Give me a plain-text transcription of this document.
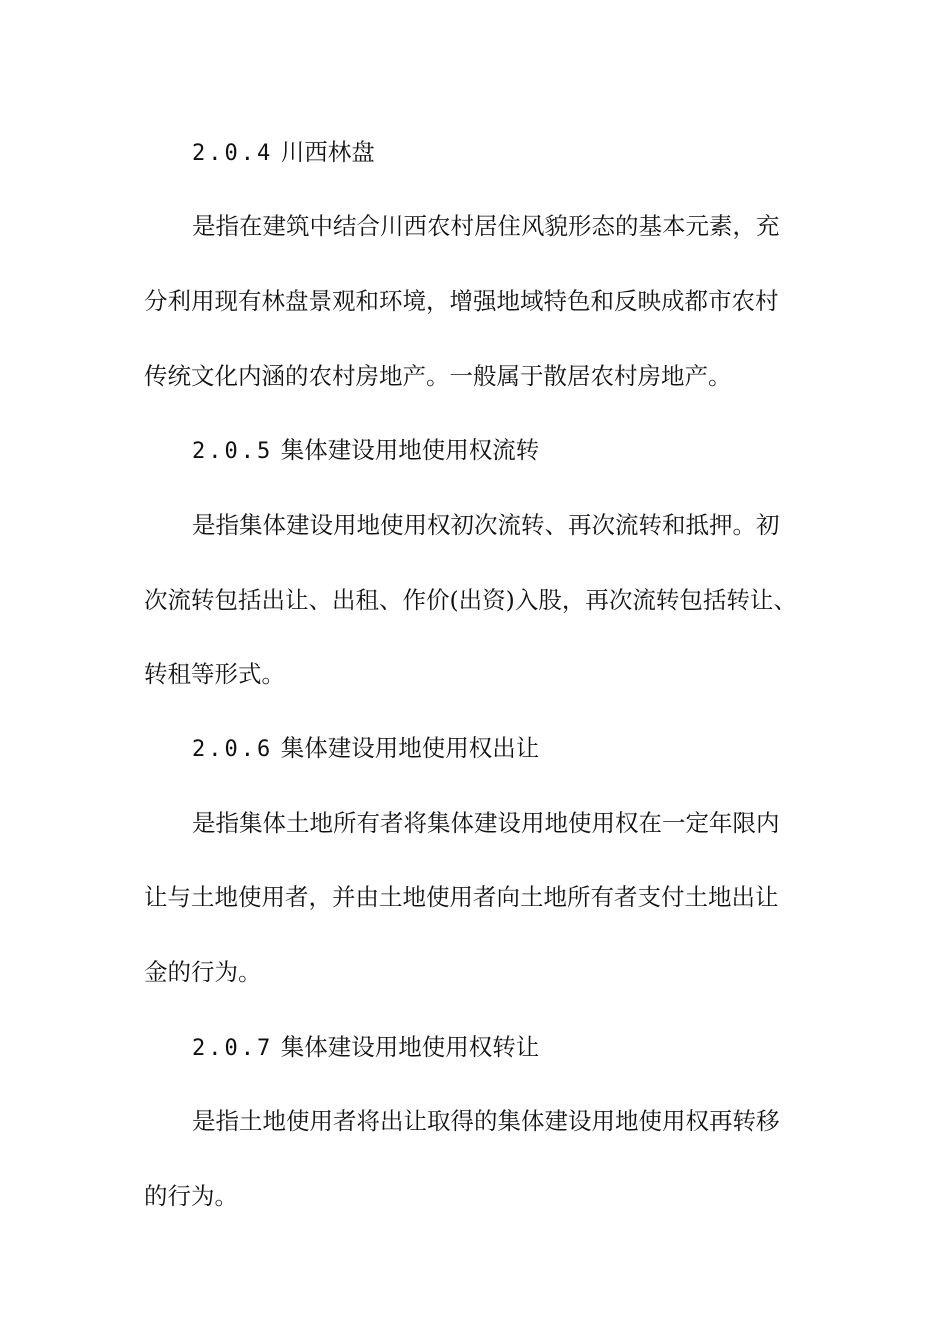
2.0.4 川西林盘
是指在建筑中结合川西农村居住风貌形态的基本元素，充
分利用现有林盘景观和环境，增强地域特色和反映成都市农村
传统文化内涵的农村房地产。一般属于散居农村房地产。
2.0.5 集体建设用地使用权流转
是指集体建设用地使用权初次流转、再次流转和抵押。初
次流转包括出让、出租、作价(出资)入股，再次流转包括转让、
转租等形式。
2.0.6 集体建设用地使用权出让
是指集体土地所有者将集体建设用地使用权在一定年限内
让与土地使用者，并由土地使用者向土地所有者支付土地出让
金的行为。
2.0.7 集体建设用地使用权转让
是指土地使用者将出让取得的集体建设用地使用权再转移
的行为。
